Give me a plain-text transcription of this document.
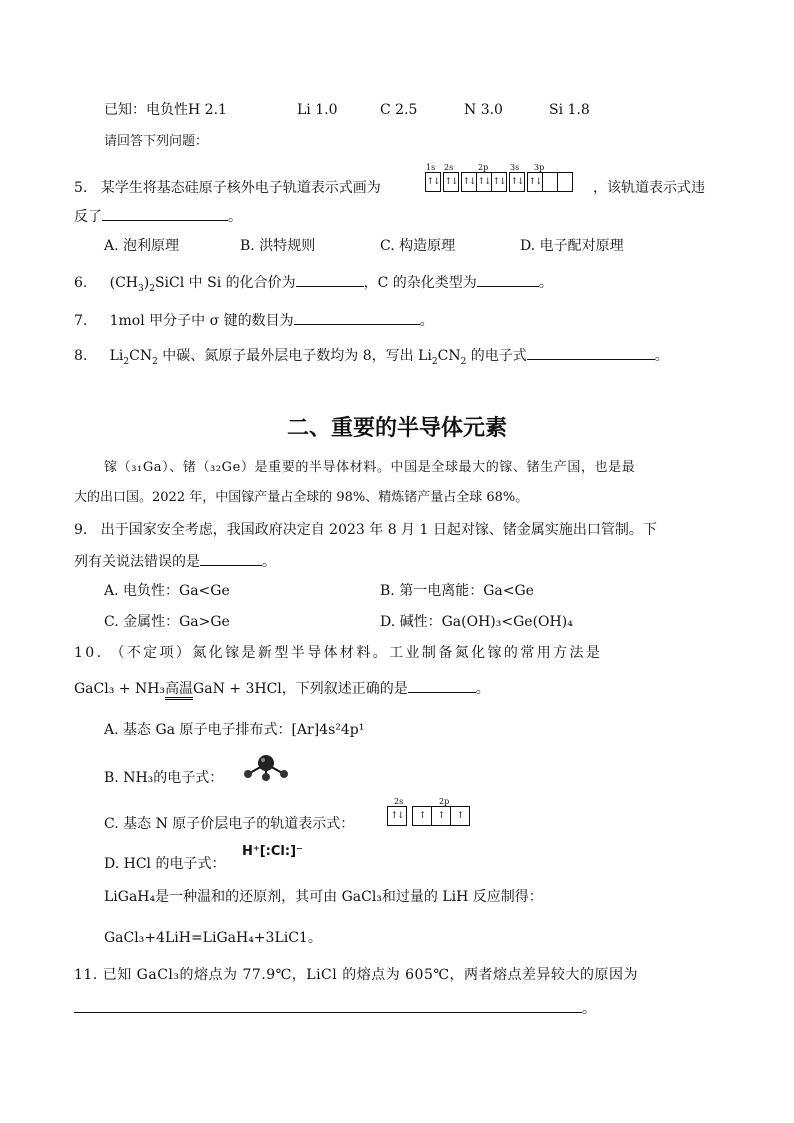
已知：电负性H 2.1	Li 1.0	C 2.5	N 3.0	Si 1.8
请回答下列问题：
5. 某学生将基态硅原子核外电子轨道表示式画为
1s
↑↓
2s
↑↓
2p
↑↓ ↑↓ ↑↓
3s
↑↓
3p
↑↓	，该轨道表示式违
反了	。
A. 泡利原理	B. 洪特规则	C. 构造原理	D. 电子配对原理
6. $(CH_3)_2SiCl$ 中 Si 的化合价为	，C 的杂化类型为	。
7. 1mol 甲分子中 σ 键的数目为	。
8. $Li_2CN_2$ 中碳、氮原子最外层电子数均为 8，写出 $Li_2CN_2$ 的电子式	。
二、重要的半导体元素
镓（₃₁Ga）、锗（₃₂Ge）是重要的半导体材料。中国是全球最大的镓、锗生产国，也是最
大的出口国。2022 年，中国镓产量占全球的 98%、精炼锗产量占全球 68%。
9. 出于国家安全考虑，我国政府决定自 2023 年 8 月 1 日起对镓、锗金属实施出口管制。下
列有关说法错误的是	。
A. 电负性：Ga<Ge	B. 第一电离能：Ga<Ge
C. 金属性：Ga>Ge	D. 碱性：Ga(OH)₃<Ge(OH)₄
10. （不定项）氮化镓是新型半导体材料。工业制备氮化镓的常用方法是
GaCl₃ + NH₃高温GaN + 3HCl，下列叙述正确的是	。
A. 基态 Ga 原子电子排布式：[Ar]4s²4p¹
B. NH₃的电子式：
C. 基态 N 原子价层电子的轨道表示式：
2s
↑↓
2p
↑	↑	↑
D. HCl 的电子式：
H⁺[:Cl:]⁻
LiGaH₄是一种温和的还原剂，其可由 GaCl₃和过量的 LiH 反应制得：
GaCl₃+4LiH=LiGaH₄+3LiC1。
11. 已知 GaCl₃的熔点为 77.9℃，LiCl 的熔点为 605℃，两者熔点差异较大的原因为
。
